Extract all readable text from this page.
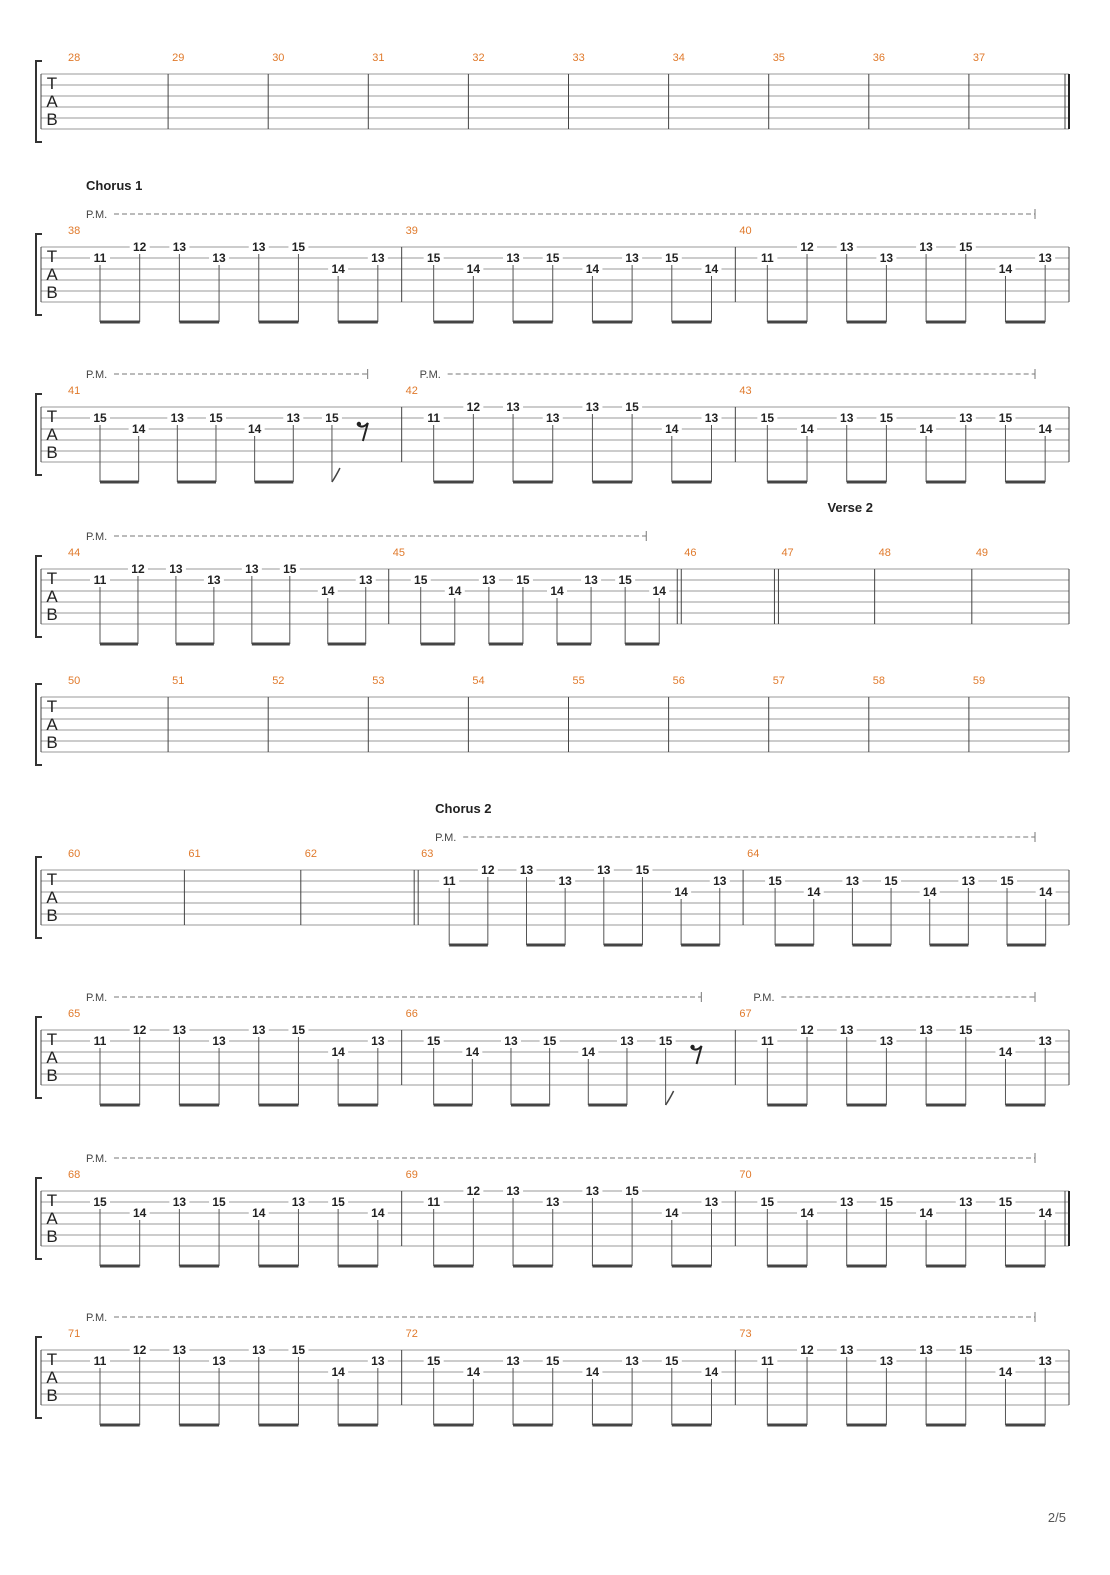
T
A
B
28	29	30	31	32	33	34	35	36	37
T
A
B
38
11
12 13
13
13 15
14
13
39
15
14
13 15
14
13 15
14
40
11
12 13
13
13 15
14
13
Chorus 1
P.M.
T
A
B
41
15
14
13 15
14
13 15
42
11
12 13
13
13 15
14
13
43
15
14
13 15
14
13 15
14
P.M.	P.M.
T
A
B
44
11
12 13
13
13 15
14
13
45
15
14
13 15
14
13 15
14
46	47	48	49
Verse 2
P.M.
T
A
B
50	51	52	53	54	55	56	57	58	59
T
A
B
60	61	62	63
11
12 13
13
13 15
14
13
64
15
14
13 15
14
13 15
14
Chorus 2
P.M.
T
A
B
65
11
12 13
13
13 15
14
13
66
15
14
13 15
14
13 15
67
11
12 13
13
13 15
14
13
P.M.	P.M.
T
A
B
68
15
14
13 15
14
13 15
14
69
11
12 13
13
13 15
14
13
70
15
14
13 15
14
13 15
14
P.M.
T
A
B
71
11
12 13
13
13 15
14
13
72
15
14
13 15
14
13 15
14
73
11
12 13
13
13 15
14
13
P.M.
2/5
